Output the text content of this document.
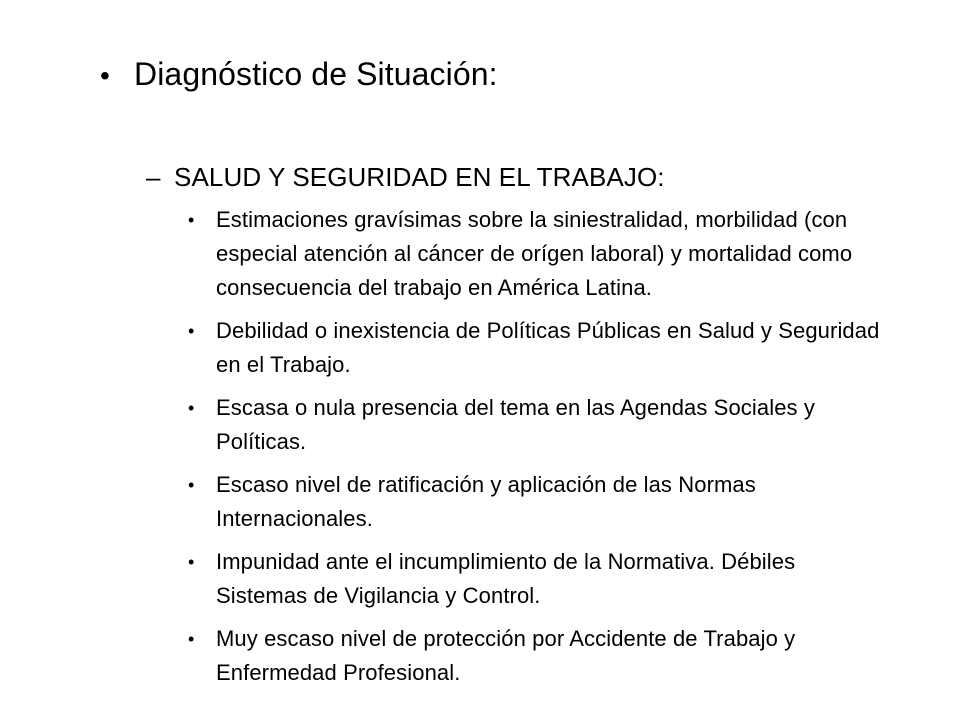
• Diagnóstico de Situación:
– SALUD Y SEGURIDAD EN EL TRABAJO:
• Estimaciones gravísimas sobre la siniestralidad, morbilidad (con especial atención al cáncer de orígen laboral) y mortalidad como consecuencia del trabajo en América Latina.
• Debilidad o inexistencia de Políticas Públicas en Salud y Seguridad en el Trabajo.
• Escasa o nula presencia del tema en las Agendas Sociales y Políticas.
• Escaso nivel de ratificación y aplicación de las Normas Internacionales.
• Impunidad ante el incumplimiento de la Normativa. Débiles Sistemas de Vigilancia y Control.
• Muy escaso nivel de protección por Accidente de Trabajo y Enfermedad Profesional.
